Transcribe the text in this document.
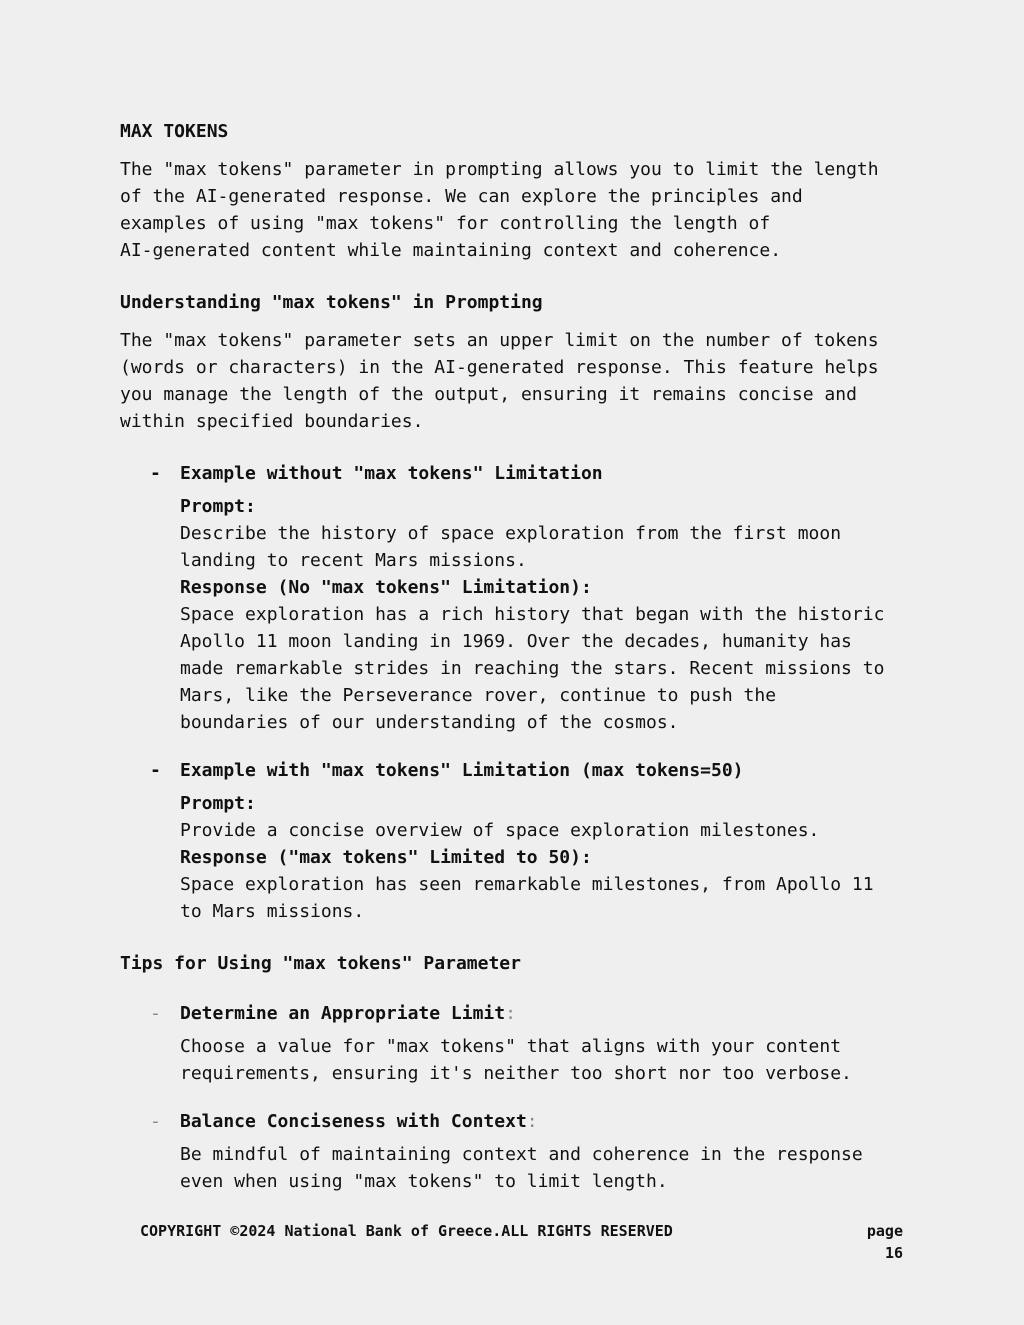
MAX TOKENS
The "max tokens" parameter in prompting allows you to limit the length
of the AI-generated response. We can explore the principles and
examples of using "max tokens" for controlling the length of
AI-generated content while maintaining context and coherence.
Understanding "max tokens" in Prompting
The "max tokens" parameter sets an upper limit on the number of tokens
(words or characters) in the AI-generated response. This feature helps
you manage the length of the output, ensuring it remains concise and
within specified boundaries.
- Example without "max tokens" Limitation
Prompt:
Describe the history of space exploration from the first moon
landing to recent Mars missions.
Response (No "max tokens" Limitation):
Space exploration has a rich history that began with the historic
Apollo 11 moon landing in 1969. Over the decades, humanity has
made remarkable strides in reaching the stars. Recent missions to
Mars, like the Perseverance rover, continue to push the
boundaries of our understanding of the cosmos.
- Example with "max tokens" Limitation (max tokens=50)
Prompt:
Provide a concise overview of space exploration milestones.
Response ("max tokens" Limited to 50):
Space exploration has seen remarkable milestones, from Apollo 11
to Mars missions.
Tips for Using "max tokens" Parameter
- Determine an Appropriate Limit:
Choose a value for "max tokens" that aligns with your content
requirements, ensuring it's neither too short nor too verbose.
- Balance Conciseness with Context:
Be mindful of maintaining context and coherence in the response
even when using "max tokens" to limit length.
COPYRIGHT ©2024 National Bank of Greece.ALL RIGHTS RESERVED	page
16
